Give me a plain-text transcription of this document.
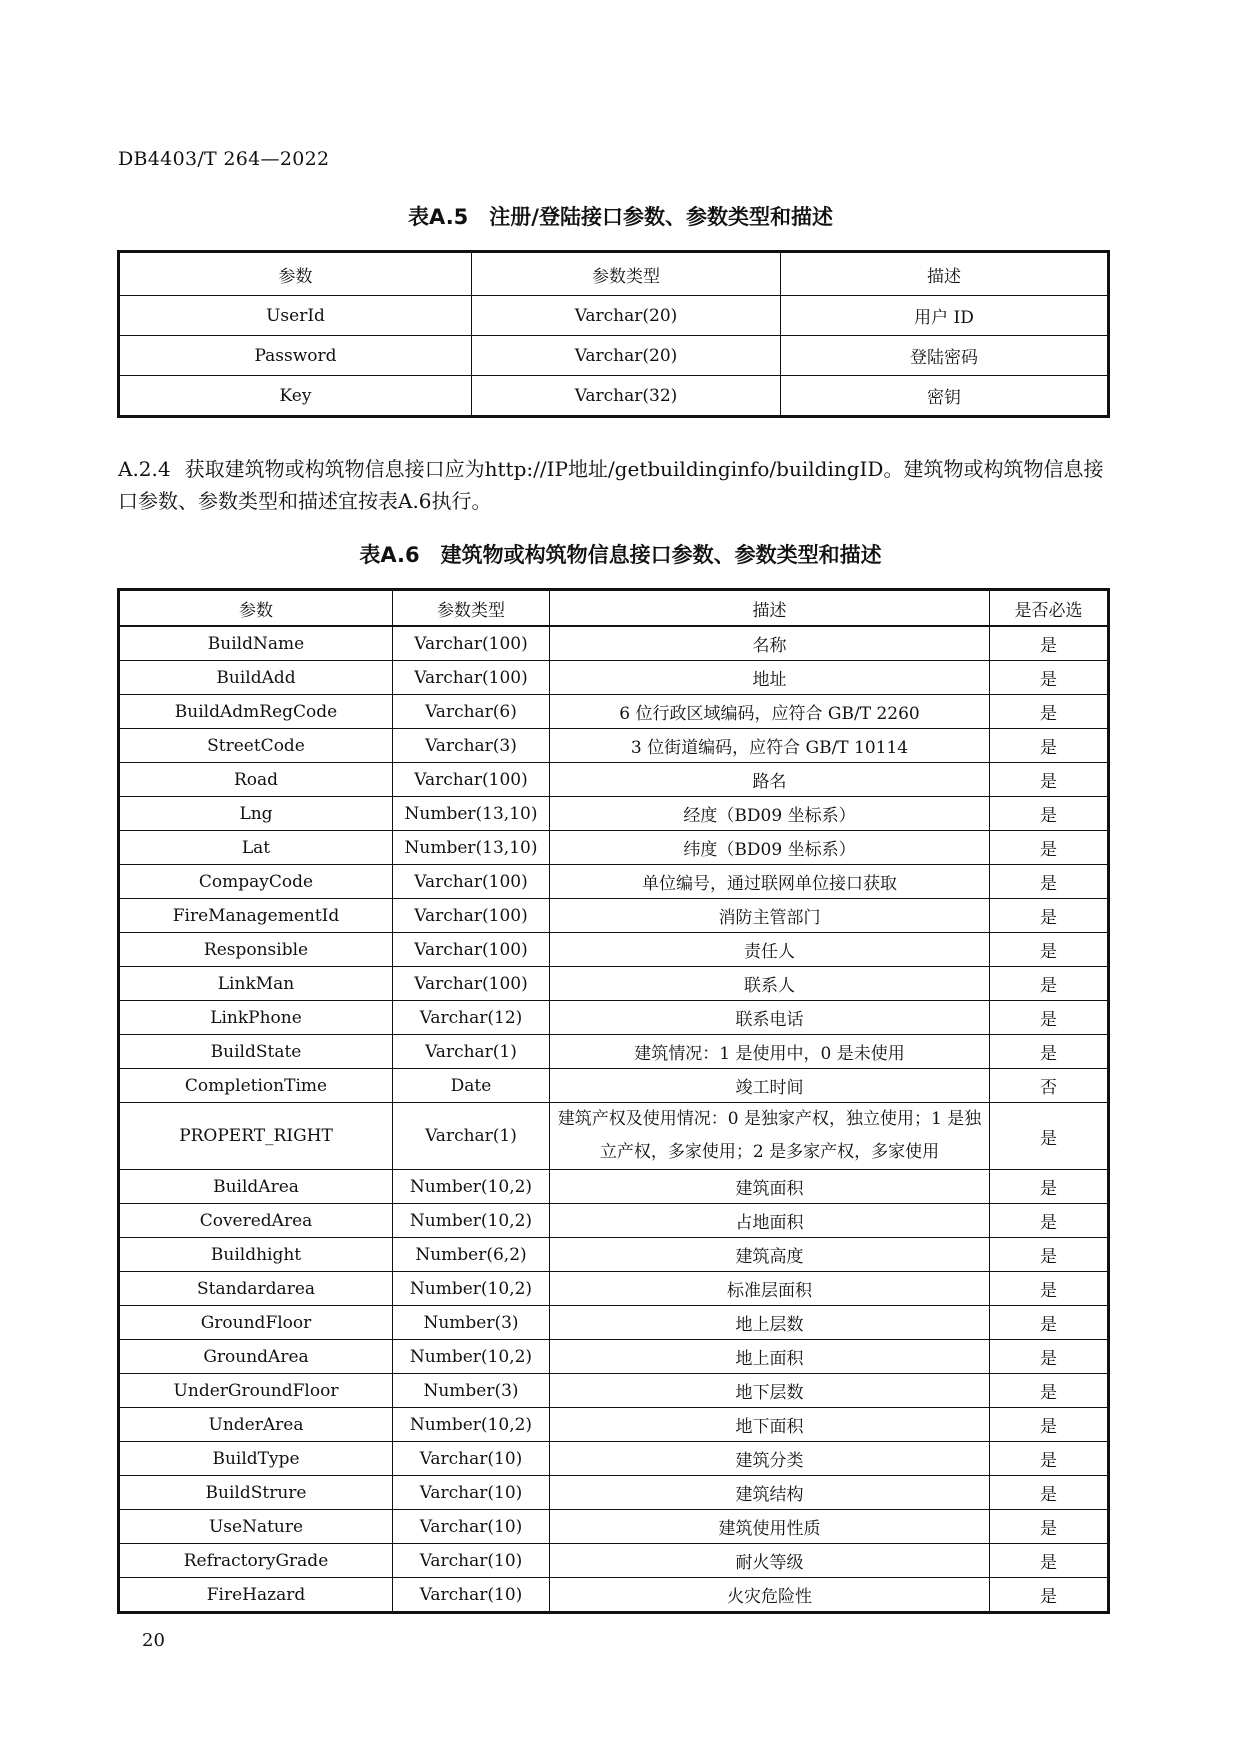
DB4403/T 264—2022
表A.5　注册/登陆接口参数、参数类型和描述
参数	参数类型	描述
UserId	Varchar(20)	用户 ID
Password	Varchar(20)	登陆密码
Key	Varchar(32)	密钥
A.2.4 获取建筑物或构筑物信息接口应为http://IP地址/getbuildinginfo/buildingID。建筑物或构筑物信息接口参数、参数类型和描述宜按表A.6执行。
表A.6　建筑物或构筑物信息接口参数、参数类型和描述
参数	参数类型	描述	是否必选
BuildName	Varchar(100)	名称	是
BuildAdd	Varchar(100)	地址	是
BuildAdmRegCode	Varchar(6)	6 位行政区域编码，应符合 GB/T 2260	是
StreetCode	Varchar(3)	3 位街道编码，应符合 GB/T 10114	是
Road	Varchar(100)	路名	是
Lng	Number(13,10)	经度（BD09 坐标系）	是
Lat	Number(13,10)	纬度（BD09 坐标系）	是
CompayCode	Varchar(100)	单位编号，通过联网单位接口获取	是
FireManagementId	Varchar(100)	消防主管部门	是
Responsible	Varchar(100)	责任人	是
LinkMan	Varchar(100)	联系人	是
LinkPhone	Varchar(12)	联系电话	是
BuildState	Varchar(1)	建筑情况：1 是使用中，0 是未使用	是
CompletionTime	Date	竣工时间	否
PROPERT_RIGHT	Varchar(1)	建筑产权及使用情况：0 是独家产权，独立使用；1 是独立产权，多家使用；2 是多家产权，多家使用	是
BuildArea	Number(10,2)	建筑面积	是
CoveredArea	Number(10,2)	占地面积	是
Buildhight	Number(6,2)	建筑高度	是
Standardarea	Number(10,2)	标准层面积	是
GroundFloor	Number(3)	地上层数	是
GroundArea	Number(10,2)	地上面积	是
UnderGroundFloor	Number(3)	地下层数	是
UnderArea	Number(10,2)	地下面积	是
BuildType	Varchar(10)	建筑分类	是
BuildStrure	Varchar(10)	建筑结构	是
UseNature	Varchar(10)	建筑使用性质	是
RefractoryGrade	Varchar(10)	耐火等级	是
FireHazard	Varchar(10)	火灾危险性	是
20
